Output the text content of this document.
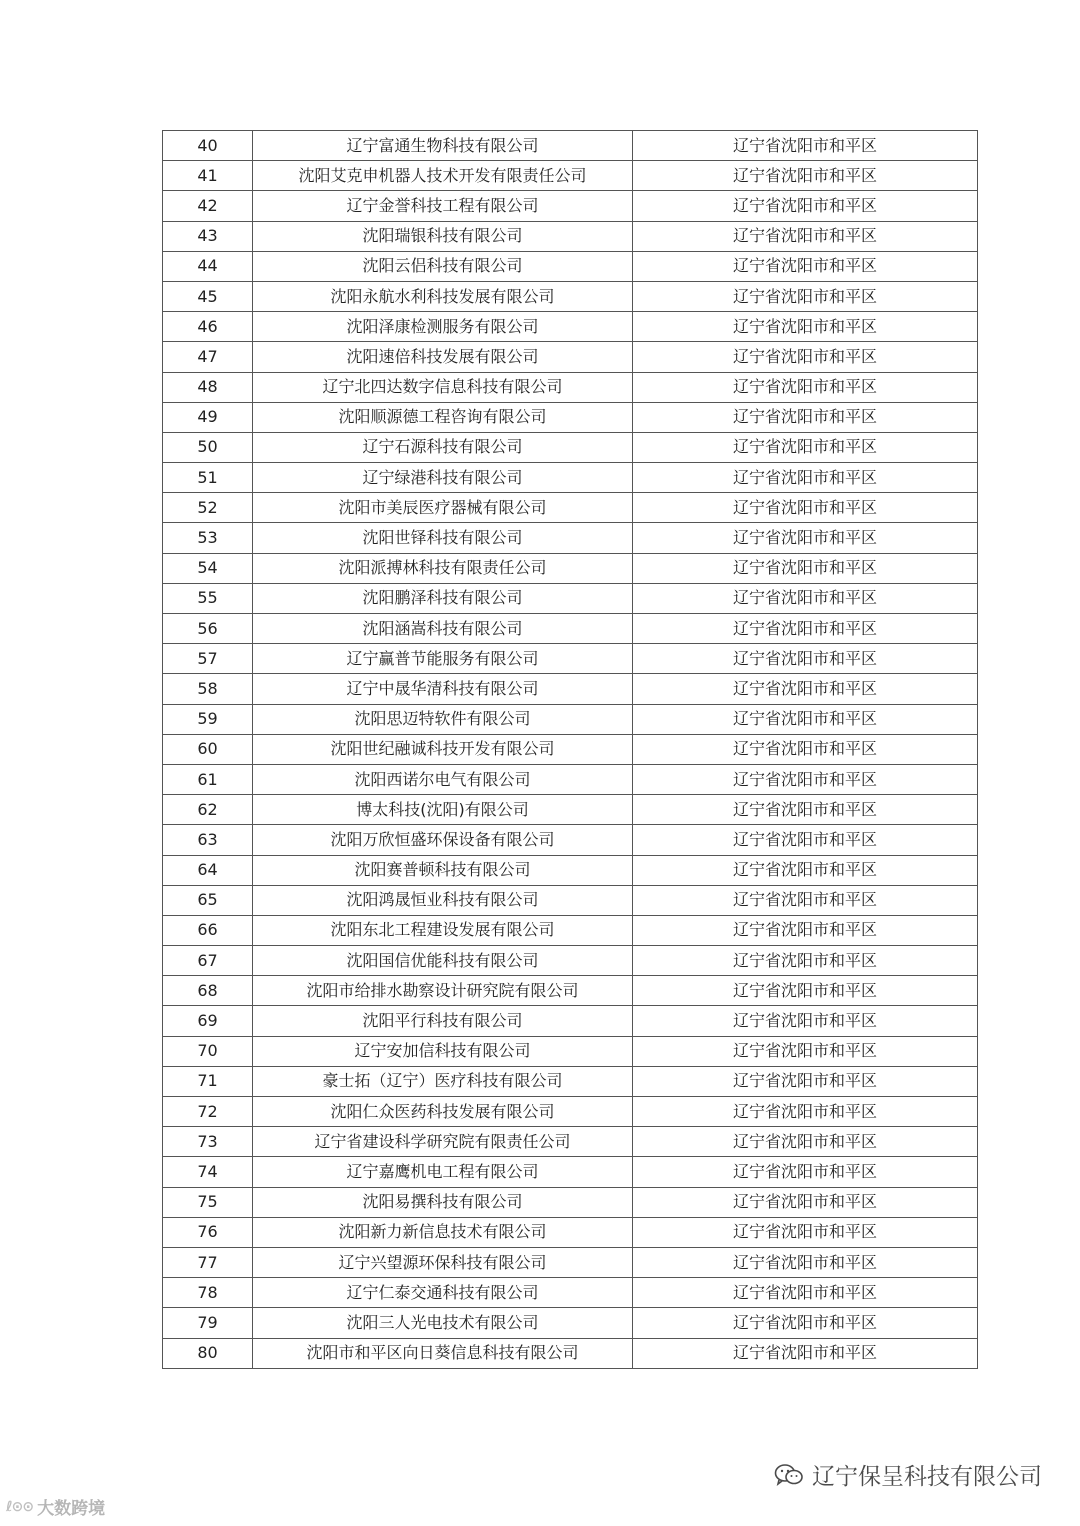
40	辽宁富通生物科技有限公司	辽宁省沈阳市和平区
41	沈阳艾克申机器人技术开发有限责任公司	辽宁省沈阳市和平区
42	辽宁金誉科技工程有限公司	辽宁省沈阳市和平区
43	沈阳瑞银科技有限公司	辽宁省沈阳市和平区
44	沈阳云侣科技有限公司	辽宁省沈阳市和平区
45	沈阳永航水利科技发展有限公司	辽宁省沈阳市和平区
46	沈阳泽康检测服务有限公司	辽宁省沈阳市和平区
47	沈阳速倍科技发展有限公司	辽宁省沈阳市和平区
48	辽宁北四达数字信息科技有限公司	辽宁省沈阳市和平区
49	沈阳顺源德工程咨询有限公司	辽宁省沈阳市和平区
50	辽宁石源科技有限公司	辽宁省沈阳市和平区
51	辽宁绿港科技有限公司	辽宁省沈阳市和平区
52	沈阳市美辰医疗器械有限公司	辽宁省沈阳市和平区
53	沈阳世铎科技有限公司	辽宁省沈阳市和平区
54	沈阳派搏林科技有限责任公司	辽宁省沈阳市和平区
55	沈阳鹏泽科技有限公司	辽宁省沈阳市和平区
56	沈阳涵嵩科技有限公司	辽宁省沈阳市和平区
57	辽宁赢普节能服务有限公司	辽宁省沈阳市和平区
58	辽宁中晟华清科技有限公司	辽宁省沈阳市和平区
59	沈阳思迈特软件有限公司	辽宁省沈阳市和平区
60	沈阳世纪融诚科技开发有限公司	辽宁省沈阳市和平区
61	沈阳西诺尔电气有限公司	辽宁省沈阳市和平区
62	博太科技(沈阳)有限公司	辽宁省沈阳市和平区
63	沈阳万欣恒盛环保设备有限公司	辽宁省沈阳市和平区
64	沈阳赛普顿科技有限公司	辽宁省沈阳市和平区
65	沈阳鸿晟恒业科技有限公司	辽宁省沈阳市和平区
66	沈阳东北工程建设发展有限公司	辽宁省沈阳市和平区
67	沈阳国信优能科技有限公司	辽宁省沈阳市和平区
68	沈阳市给排水勘察设计研究院有限公司	辽宁省沈阳市和平区
69	沈阳平行科技有限公司	辽宁省沈阳市和平区
70	辽宁安加信科技有限公司	辽宁省沈阳市和平区
71	豪士拓（辽宁）医疗科技有限公司	辽宁省沈阳市和平区
72	沈阳仁众医药科技发展有限公司	辽宁省沈阳市和平区
73	辽宁省建设科学研究院有限责任公司	辽宁省沈阳市和平区
74	辽宁嘉鹰机电工程有限公司	辽宁省沈阳市和平区
75	沈阳易撰科技有限公司	辽宁省沈阳市和平区
76	沈阳新力新信息技术有限公司	辽宁省沈阳市和平区
77	辽宁兴望源环保科技有限公司	辽宁省沈阳市和平区
78	辽宁仁泰交通科技有限公司	辽宁省沈阳市和平区
79	沈阳三人光电技术有限公司	辽宁省沈阳市和平区
80	沈阳市和平区向日葵信息科技有限公司	辽宁省沈阳市和平区
ℓ⊙⊙ 大数跨境
辽宁保呈科技有限公司
